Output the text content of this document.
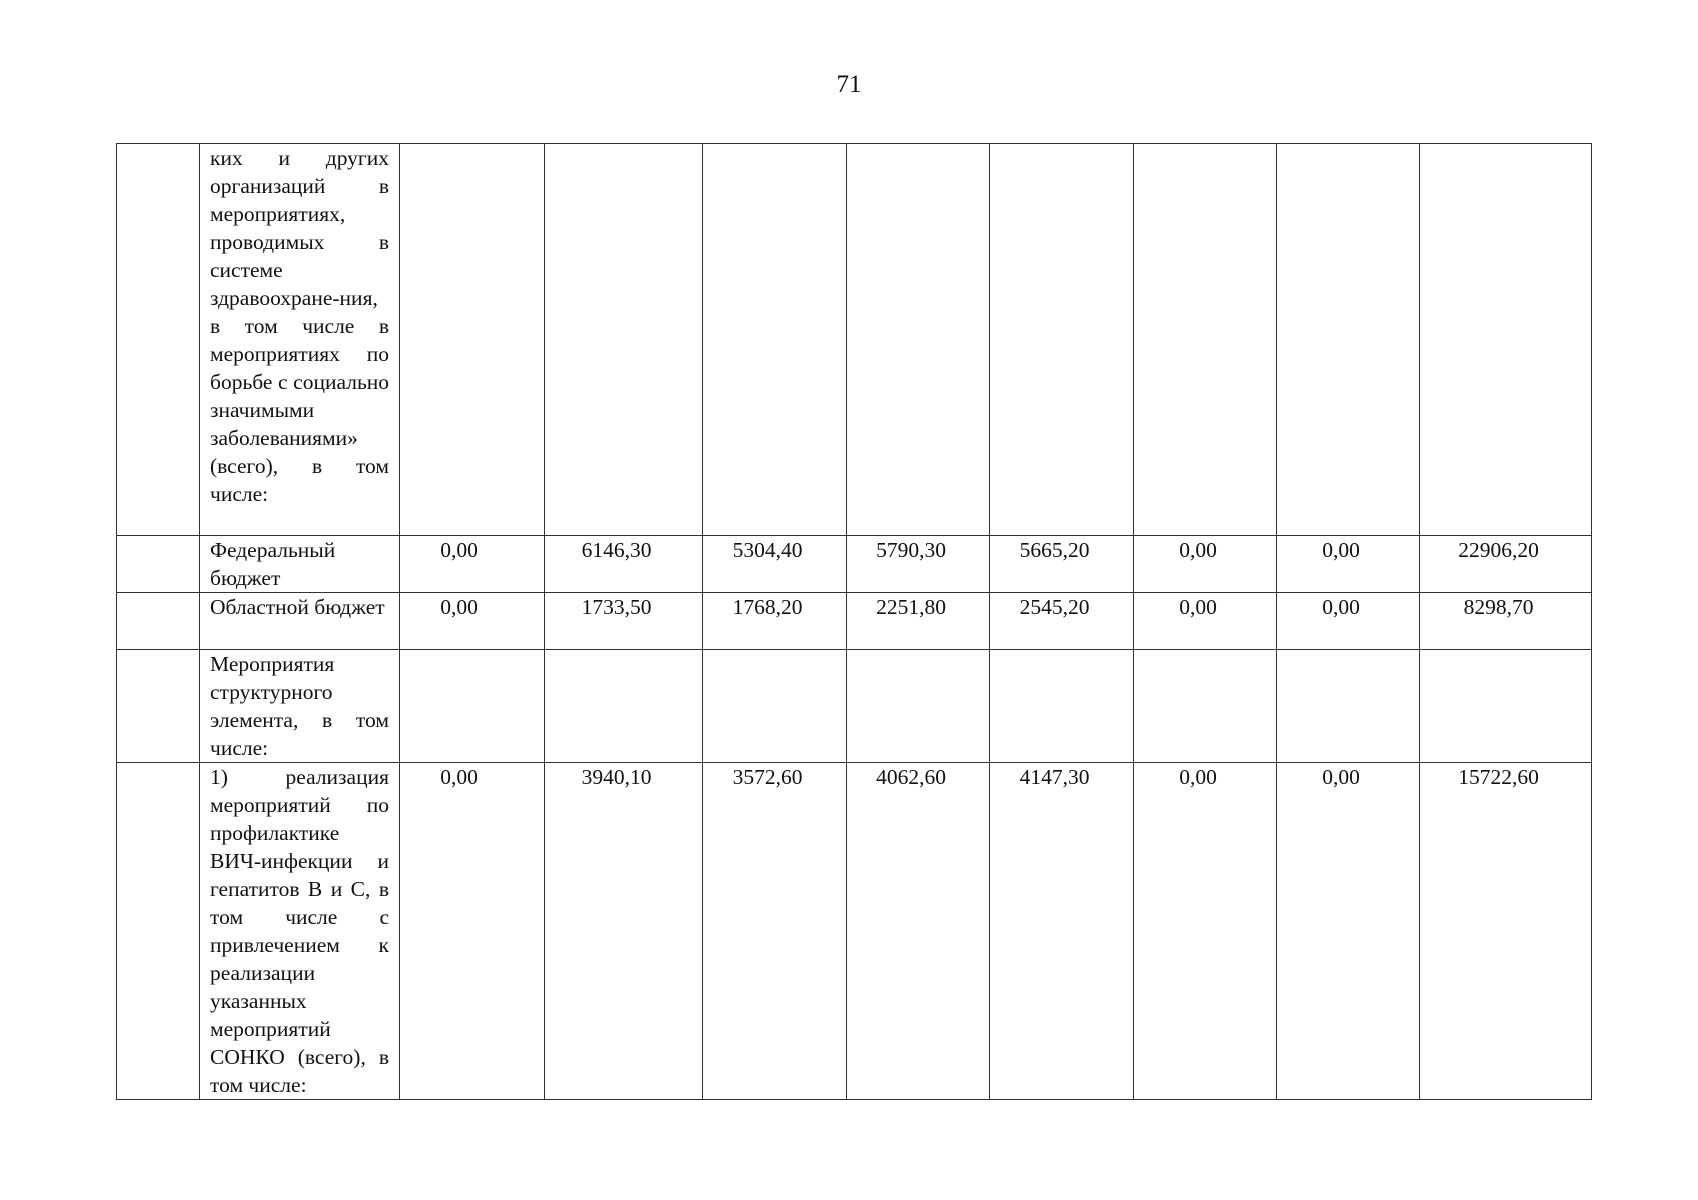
71

	ких и других организаций в мероприятиях, проводимых в системе здравоохране-ния, в том числе в мероприятиях по борьбе с социально значимыми заболеваниями» (всего), в том числе:								

	Федеральный бюджет	0,00	6146,30	5304,40	5790,30	5665,20	0,00	0,00	22906,20

	Областной бюджет	0,00	1733,50	1768,20	2251,80	2545,20	0,00	0,00	8298,70

	Мероприятия структурного элемента, в том числе:								

	1) реализация мероприятий по профилактике ВИЧ-инфекции и гепатитов В и С, в том числе с привлечением к реализации указанных мероприятий СОНКО (всего), в том числе:	0,00	3940,10	3572,60	4062,60	4147,30	0,00	0,00	15722,60
